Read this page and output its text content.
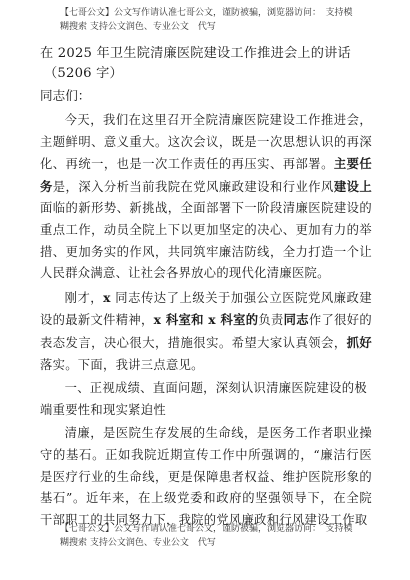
【七哥公文】公文写作请认准七哥公文，谨防被骗，浏览器访问：　支持模
糊搜索 支持公文润色、专业公文　代写
在 2025 年卫生院清廉医院建设工作推进会上的讲话
（5206 字）
同志们：

今天，我们在这里召开全院清廉医院建设工作推进会，主题鲜明、意义重大。这次会议，既是一次思想认识的再深化、再统一，也是一次工作责任的再压实、再部署。主要任务是，深入分析当前我院在党风廉政建设和行业作风建设上面临的新形势、新挑战，全面部署下一阶段清廉医院建设的重点工作，动员全院上下以更加坚定的决心、更加有力的举措、更加务实的作风，共同筑牢廉洁防线，全力打造一个让人民群众满意、让社会各界放心的现代化清廉医院。

刚才，x 同志传达了上级关于加强公立医院党风廉政建设的最新文件精神，x 科室和 x 科室的负责同志作了很好的 表态发言，决心很大，措施很实。希望大家认真领会，抓好 落实。下面，我讲三点意见。

一、正视成绩、直面问题，深刻认识清廉医院建设的极端重要性和现实紧迫性

清廉，是医院生存发展的生命线，是医务工作者职业操守的基石。正如我院近期宣传工作中所强调的，“廉洁行医是医疗行业的生命线，更是保障患者权益、维护医院形象的基石”。近年来，在上级党委和政府的坚强领导下，在全院干部职工的共同努力下，我院的党风廉政和行风建设工作取

【七哥公文】公文写作请认准七哥公文，谨防被骗，浏览器访问：　支持模
糊搜索 支持公文润色、专业公文　代写
